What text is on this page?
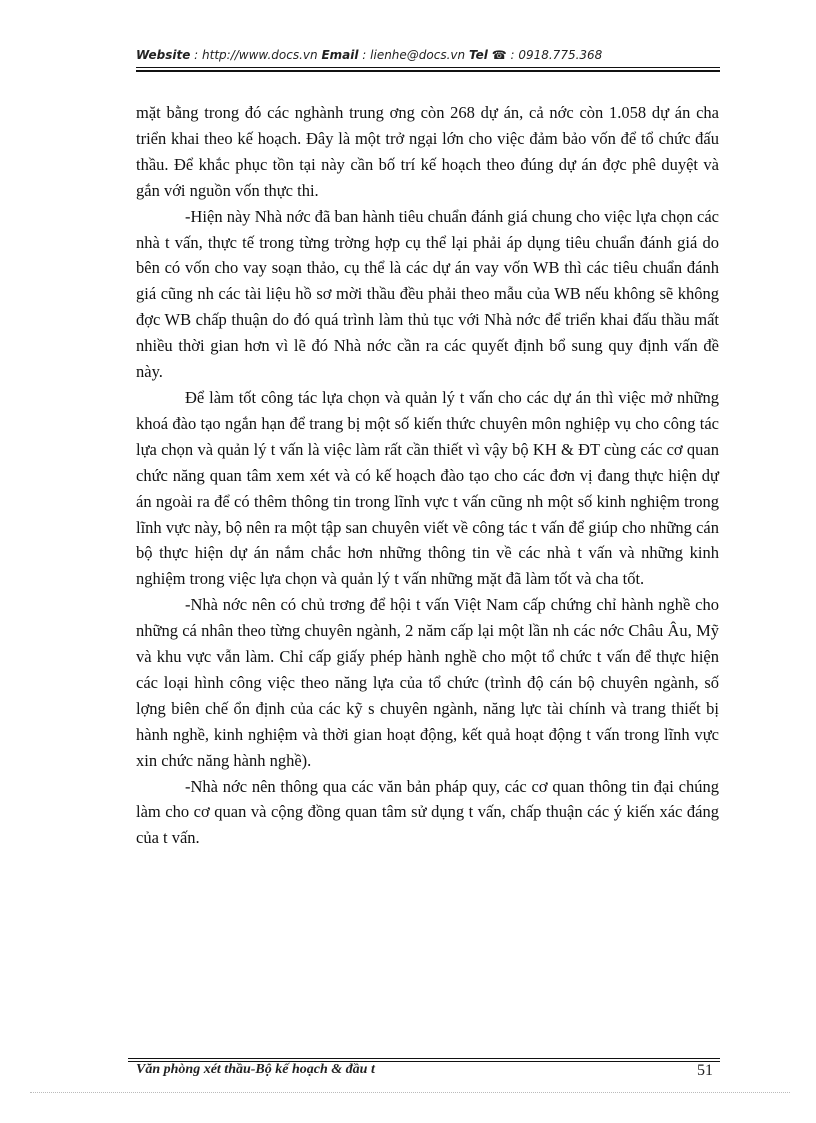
Website : http://www.docs.vn Email : lienhe@docs.vn Tel ☎ : 0918.775.368

mặt bằng trong đó các nghành trung ơng còn 268 dự án, cả nớc còn 1.058 dự án cha triển khai theo kế hoạch. Đây là một trở ngại lớn cho việc đảm bảo vốn để tổ chức đấu thầu. Để khắc phục tồn tại này cần bố trí kế hoạch theo đúng dự án đợc phê duyệt và gắn với nguồn vốn thực thi.

-Hiện này Nhà nớc đã ban hành tiêu chuẩn đánh giá chung cho việc lựa chọn các nhà t vấn, thực tế trong từng trờng hợp cụ thể lại phải áp dụng tiêu chuẩn đánh giá do bên có vốn cho vay soạn thảo, cụ thể là các dự án vay vốn WB thì các tiêu chuẩn đánh giá cũng nh các tài liệu hồ sơ mời thầu đều phải theo mẫu của WB nếu không sẽ không đợc WB chấp thuận do đó quá trình làm thủ tục với Nhà nớc để triển khai đấu thầu mất nhiều thời gian hơn vì lẽ đó Nhà nớc cần ra các quyết định bổ sung quy định vấn đề này.

Để làm tốt công tác lựa chọn và quản lý t vấn cho các dự án thì việc mở những khoá đào tạo ngắn hạn để trang bị một số kiến thức chuyên môn nghiệp vụ cho công tác lựa chọn và quản lý t vấn là việc làm rất cần thiết vì vậy bộ KH & ĐT cùng các cơ quan chức năng quan tâm xem xét và có kế hoạch đào tạo cho các đơn vị đang thực hiện dự án ngoài ra để có thêm thông tin trong lĩnh vực t vấn cũng nh một số kinh nghiệm trong lĩnh vực này, bộ nên ra một tập san chuyên viết về công tác t vấn để giúp cho những cán bộ thực hiện dự án nắm chắc hơn những thông tin về các nhà t vấn và những kinh nghiệm trong việc lựa chọn và quản lý t vấn những mặt đã làm tốt và cha tốt.

-Nhà nớc nên có chủ trơng để hội t vấn Việt Nam cấp chứng chỉ hành nghề cho những cá nhân theo từng chuyên ngành, 2 năm cấp lại một lần nh các nớc Châu Âu, Mỹ và khu vực vẫn làm. Chỉ cấp giấy phép hành nghề cho một tổ chức t vấn để thực hiện các loại hình công việc theo năng lựa của tổ chức (trình độ cán bộ chuyên ngành, số lợng biên chế ổn định của các kỹ s chuyên ngành, năng lực tài chính và trang thiết bị hành nghề, kinh nghiệm và thời gian hoạt động, kết quả hoạt động t vấn trong lĩnh vực xin chức năng hành nghề).

-Nhà nớc nên thông qua các văn bản pháp quy, các cơ quan thông tin đại chúng làm cho cơ quan và cộng đồng quan tâm sử dụng t vấn, chấp thuận các ý kiến xác đáng của t vấn.

Văn phòng xét thầu-Bộ kế hoạch & đầu t	51
